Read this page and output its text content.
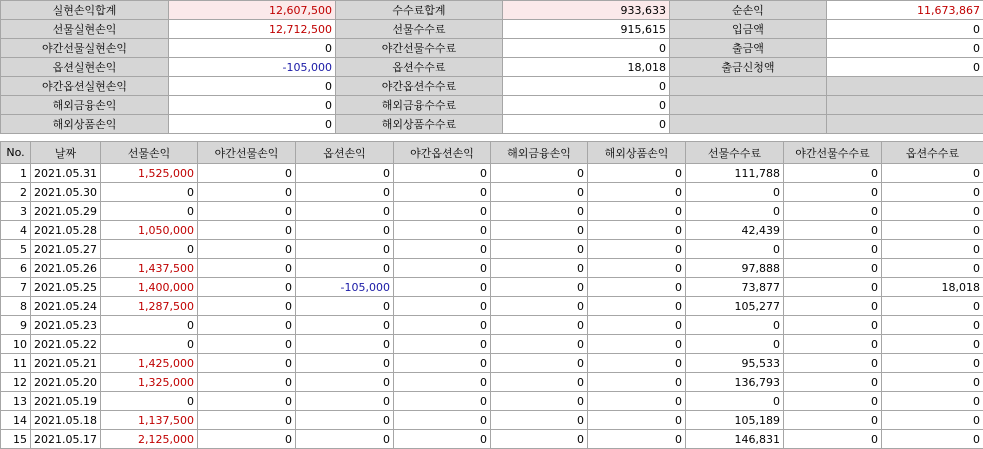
실현손익합계	12,607,500	수수료합계	933,633	순손익	11,673,867
선물실현손익	12,712,500	선물수수료	915,615	입금액	0
야간선물실현손익	0	야간선물수수료	0	출금액	0
옵션실현손익	-105,000	옵션수수료	18,018	출금신청액	0
야간옵션실현손익	0	야간옵션수수료	0		
해외금융손익	0	해외금융수수료	0		
해외상품손익	0	해외상품수수료	0		
No.	날짜	선물손익	야간선물손익	옵션손익	야간옵션손익	해외금융손익	해외상품손익	선물수수료	야간선물수수료	옵션수수료
1	2021.05.31	1,525,000	0	0	0	0	0	111,788	0	0
2	2021.05.30	0	0	0	0	0	0	0	0	0
3	2021.05.29	0	0	0	0	0	0	0	0	0
4	2021.05.28	1,050,000	0	0	0	0	0	42,439	0	0
5	2021.05.27	0	0	0	0	0	0	0	0	0
6	2021.05.26	1,437,500	0	0	0	0	0	97,888	0	0
7	2021.05.25	1,400,000	0	-105,000	0	0	0	73,877	0	18,018
8	2021.05.24	1,287,500	0	0	0	0	0	105,277	0	0
9	2021.05.23	0	0	0	0	0	0	0	0	0
10	2021.05.22	0	0	0	0	0	0	0	0	0
11	2021.05.21	1,425,000	0	0	0	0	0	95,533	0	0
12	2021.05.20	1,325,000	0	0	0	0	0	136,793	0	0
13	2021.05.19	0	0	0	0	0	0	0	0	0
14	2021.05.18	1,137,500	0	0	0	0	0	105,189	0	0
15	2021.05.17	2,125,000	0	0	0	0	0	146,831	0	0
